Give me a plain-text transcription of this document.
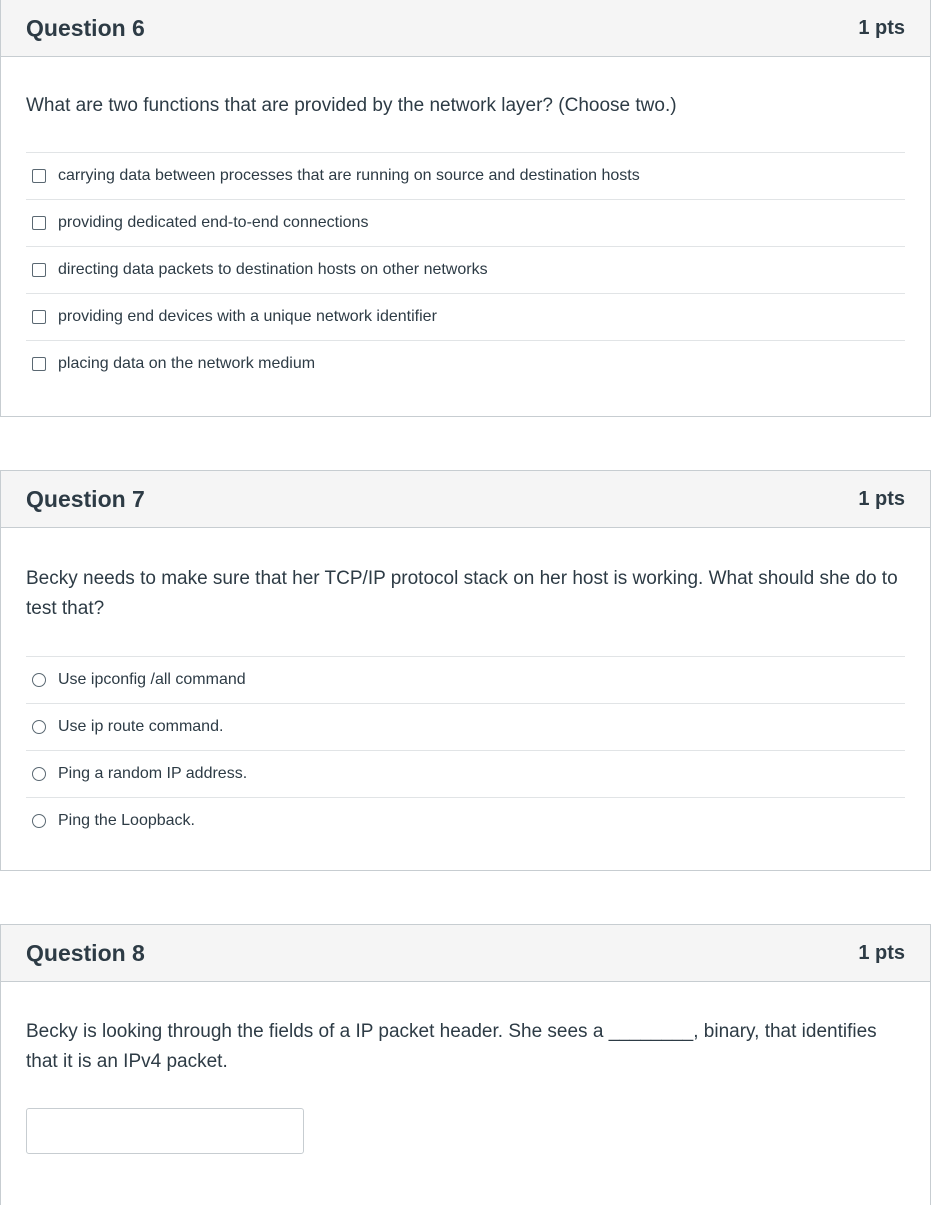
Question 6	1 pts
What are two functions that are provided by the network layer? (Choose two.)
carrying data between processes that are running on source and destination hosts
providing dedicated end-to-end connections
directing data packets to destination hosts on other networks
providing end devices with a unique network identifier
placing data on the network medium
Question 7	1 pts
Becky needs to make sure that her TCP/IP protocol stack on her host is working. What should she do to test that?
Use ipconfig /all command
Use ip route command.
Ping a random IP address.
Ping the Loopback.
Question 8	1 pts
Becky is looking through the fields of a IP packet header. She sees a ________, binary, that identifies that it is an IPv4 packet.
